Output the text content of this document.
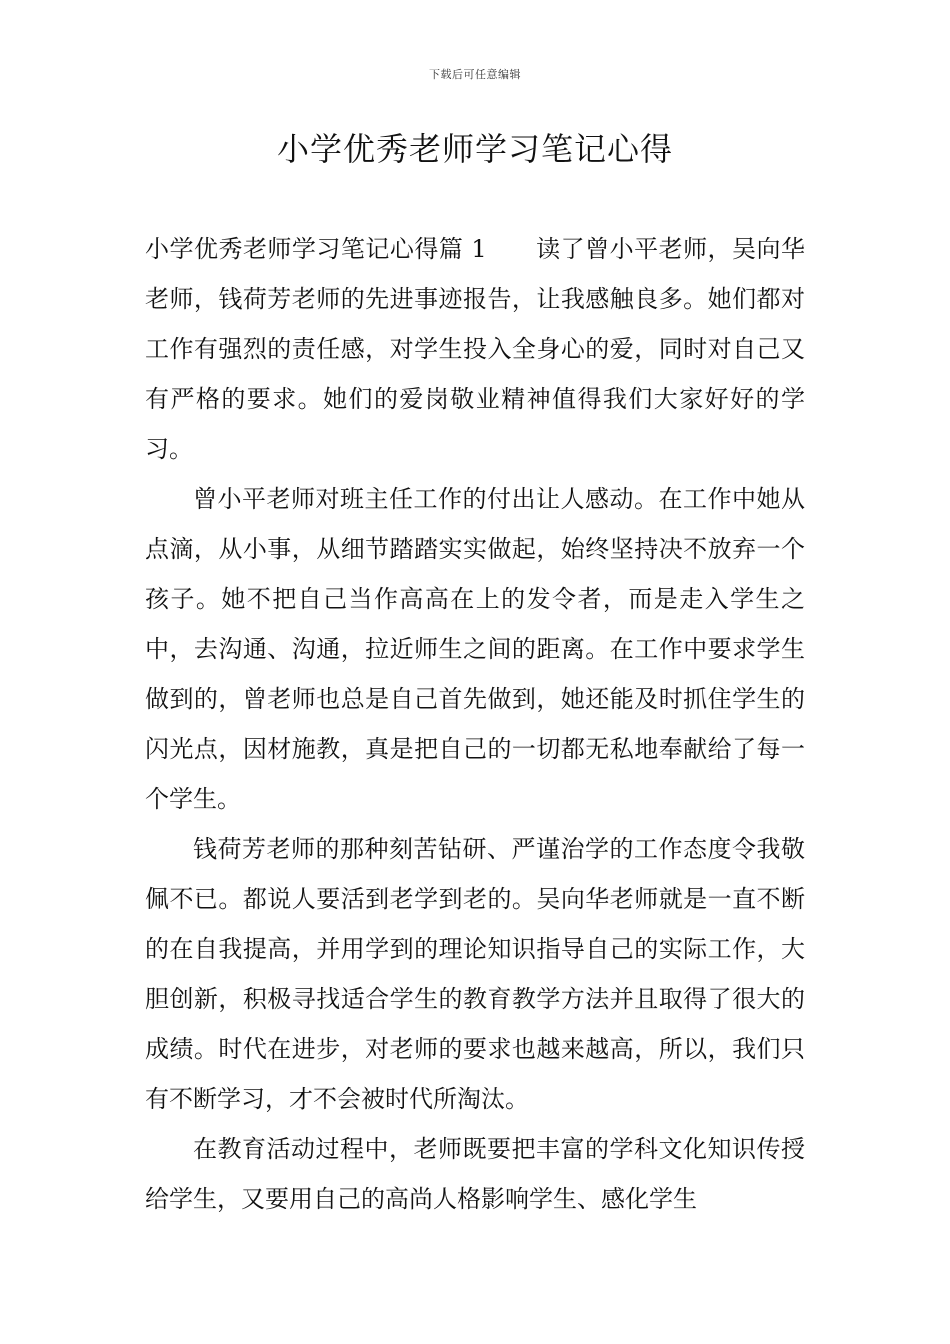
下载后可任意编辑
小学优秀老师学习笔记心得

小学优秀老师学习笔记心得篇 1　　 读了曾小平老师，吴向华老师，钱荷芳老师的先进事迹报告，让我感触良多。她们都对工作有强烈的责任感，对学生投入全身心的爱，同时对自己又有严格的要求。她们的爱岗敬业精神值得我们大家好好的学习。

曾小平老师对班主任工作的付出让人感动。在工作中她从点滴，从小事，从细节踏踏实实做起，始终坚持决不放弃一个孩子。她不把自己当作高高在上的发令者，而是走入学生之中，去沟通、沟通，拉近师生之间的距离。在工作中要求学生做到的，曾老师也总是自己首先做到，她还能及时抓住学生的闪光点，因材施教，真是把自己的一切都无私地奉献给了每一个学生。

钱荷芳老师的那种刻苦钻研、严谨治学的工作态度令我敬佩不已。都说人要活到老学到老的。吴向华老师就是一直不断的在自我提高，并用学到的理论知识指导自己的实际工作，大胆创新，积极寻找适合学生的教育教学方法并且取得了很大的成绩。时代在进步，对老师的要求也越来越高，所以，我们只有不断学习，才不会被时代所淘汰。

在教育活动过程中，老师既要把丰富的学科文化知识传授给学生，又要用自己的高尚人格影响学生、感化学生
